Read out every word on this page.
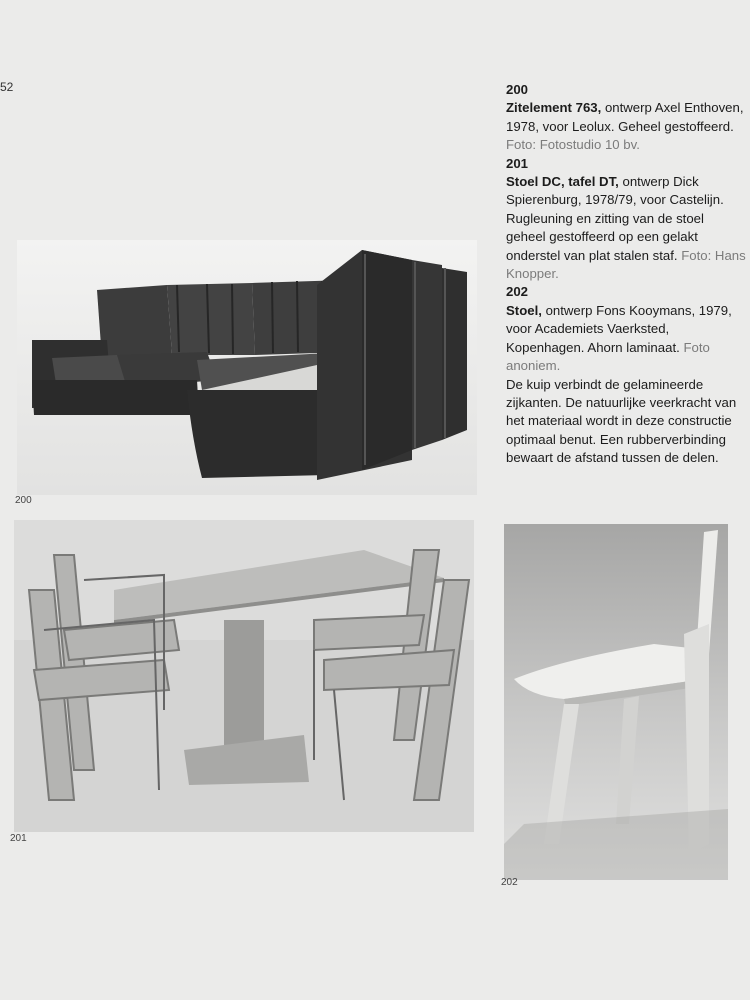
52
200
201
202

200
Zitelement 763, ontwerp Axel Enthoven, 1978, voor Leolux. Geheel gestoffeerd. Foto: Fotostudio 10 bv.

201
Stoel DC, tafel DT, ontwerp Dick Spierenburg, 1978/79, voor Castelijn. Rugleuning en zitting van de stoel geheel gestoffeerd op een gelakt onderstel van plat stalen staf. Foto: Hans Knopper.

202
Stoel, ontwerp Fons Kooymans, 1979, voor Academiets Vaerksted, Kopenhagen. Ahorn laminaat. Foto anoniem.

De kuip verbindt de gelamineerde zijkanten. De natuurlijke veerkracht van het materiaal wordt in deze constructie optimaal benut. Een rubberverbinding bewaart de afstand tussen de delen.
